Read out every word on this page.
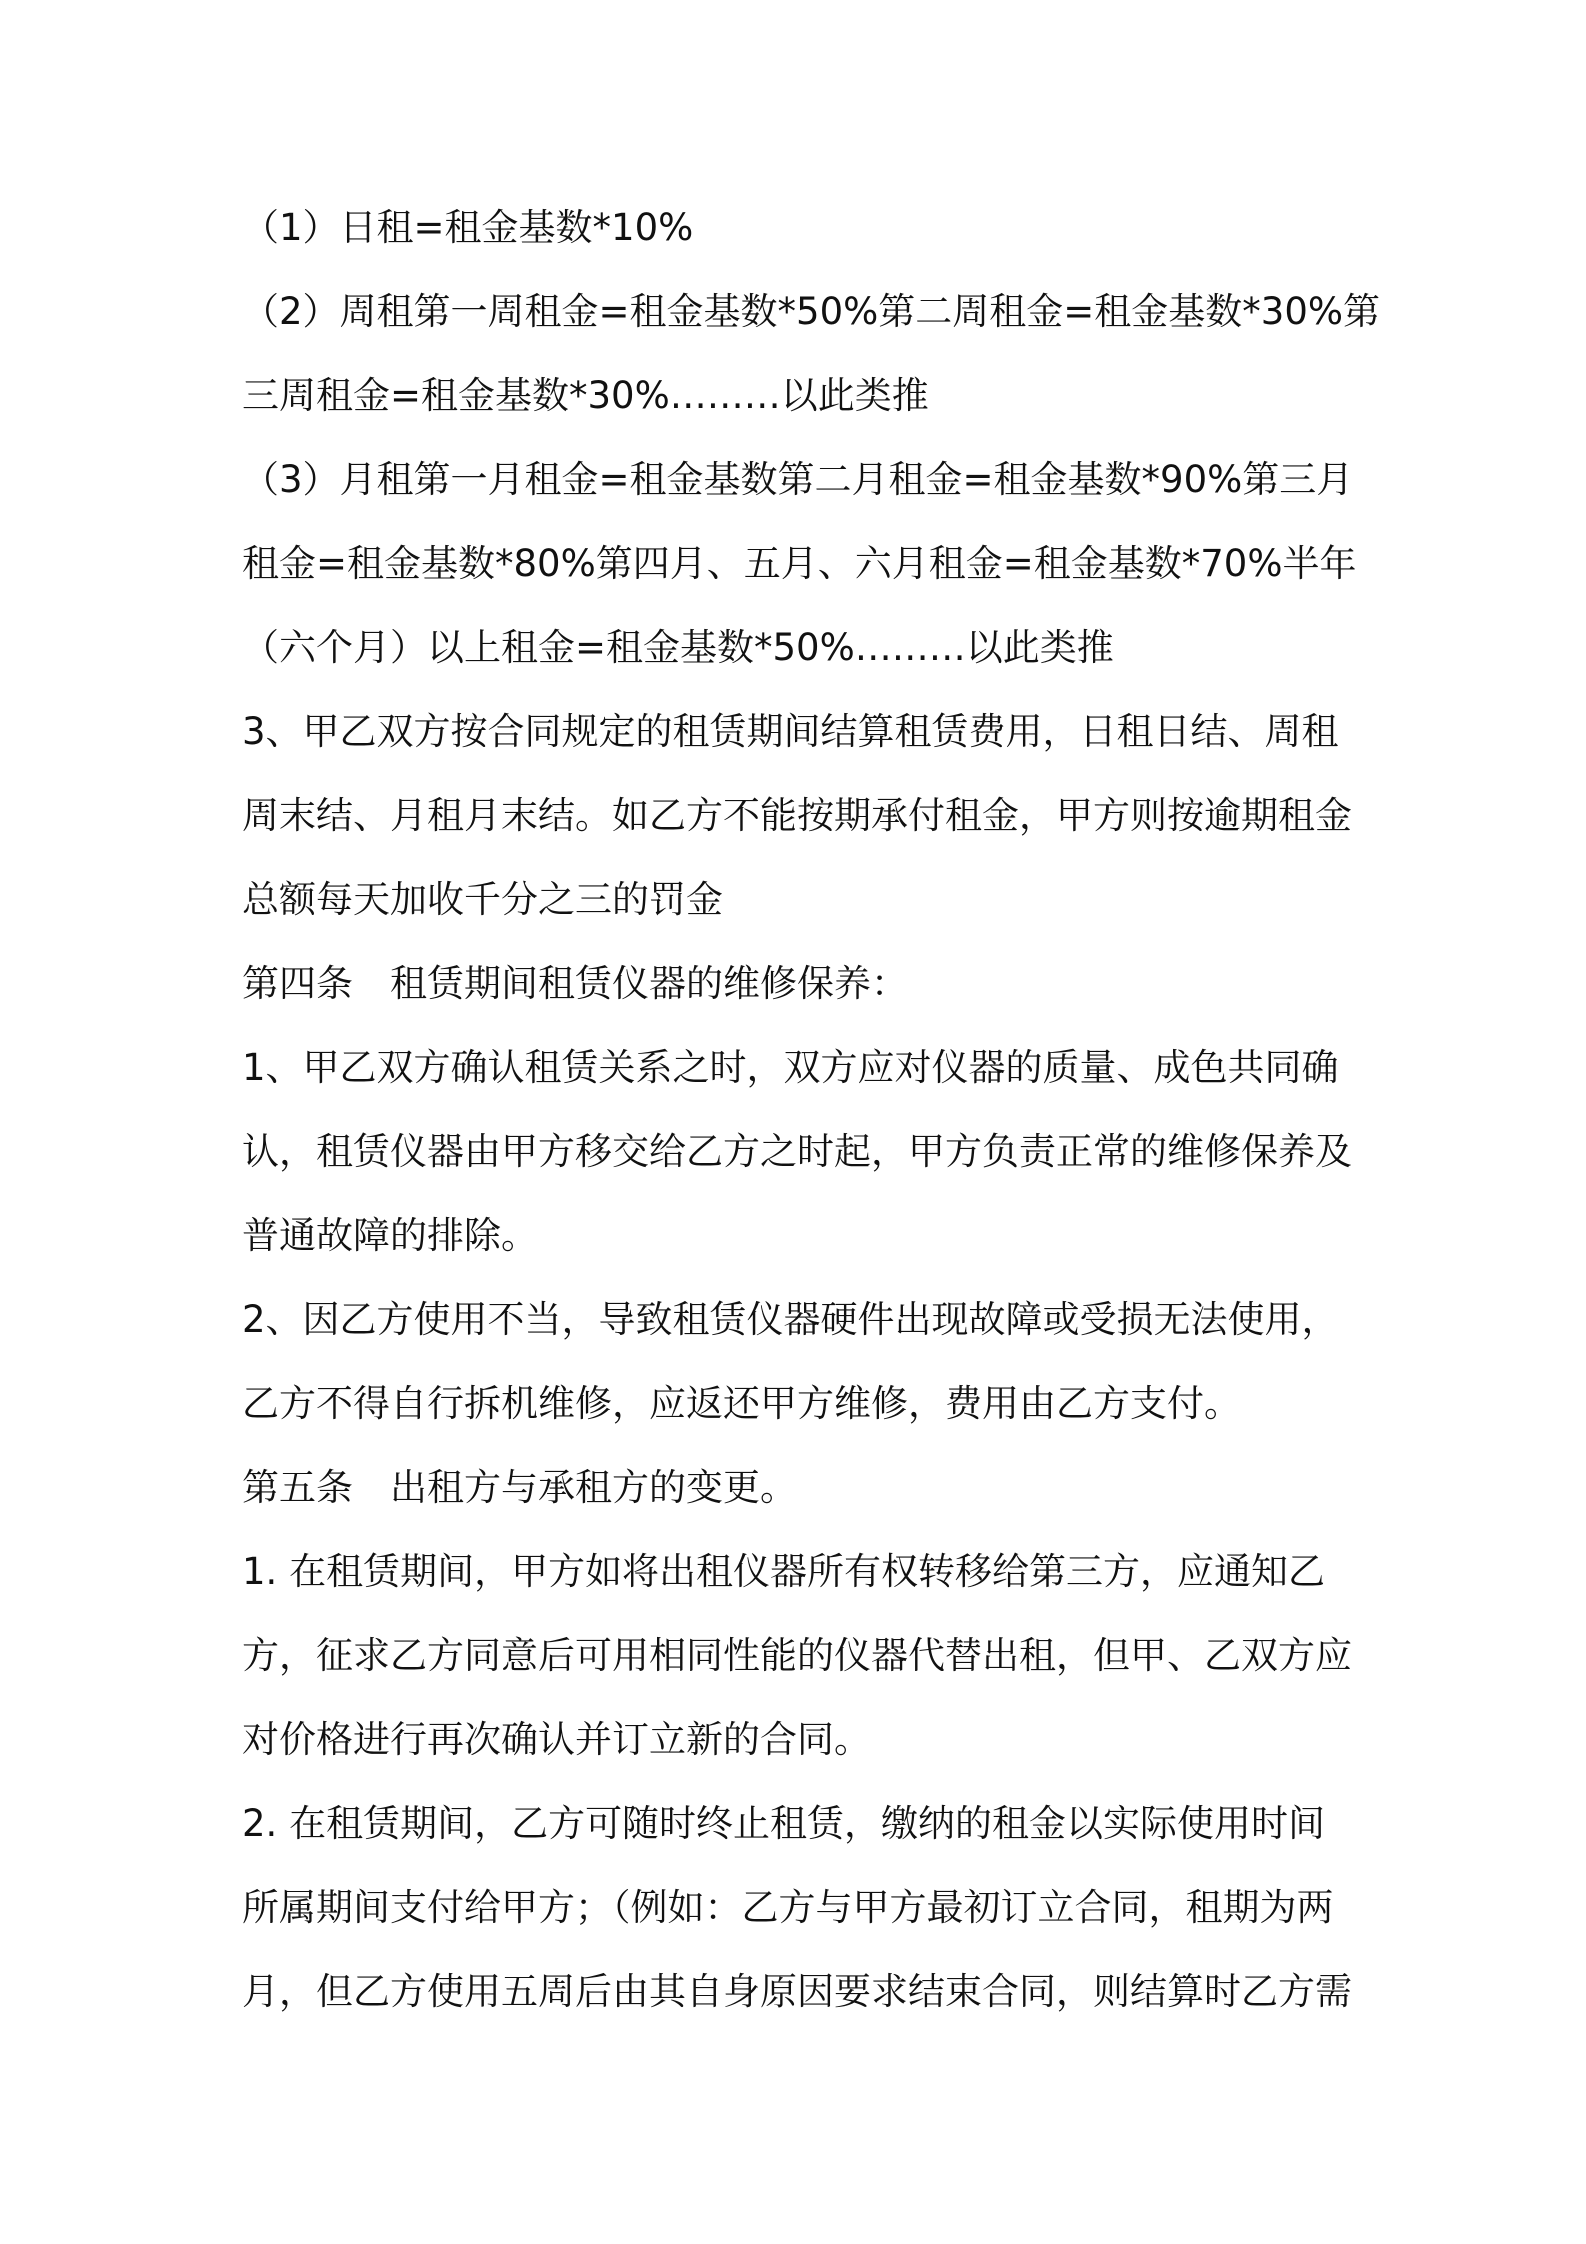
（1）日租=租金基数*10%
（2）周租第一周租金=租金基数*50%第二周租金=租金基数*30%第
三周租金=租金基数*30%………以此类推
（3）月租第一月租金=租金基数第二月租金=租金基数*90%第三月
租金=租金基数*80%第四月、五月、六月租金=租金基数*70%半年
（六个月）以上租金=租金基数*50%………以此类推
3、甲乙双方按合同规定的租赁期间结算租赁费用，日租日结、周租
周末结、月租月末结。如乙方不能按期承付租金，甲方则按逾期租金
总额每天加收千分之三的罚金
第四条　租赁期间租赁仪器的维修保养：
1、甲乙双方确认租赁关系之时，双方应对仪器的质量、成色共同确
认，租赁仪器由甲方移交给乙方之时起，甲方负责正常的维修保养及
普通故障的排除。
2、因乙方使用不当，导致租赁仪器硬件出现故障或受损无法使用，
乙方不得自行拆机维修，应返还甲方维修，费用由乙方支付。
第五条　出租方与承租方的变更。
1. 在租赁期间，甲方如将出租仪器所有权转移给第三方，应通知乙
方，征求乙方同意后可用相同性能的仪器代替出租，但甲、乙双方应
对价格进行再次确认并订立新的合同。
2. 在租赁期间，乙方可随时终止租赁，缴纳的租金以实际使用时间
所属期间支付给甲方；（例如：乙方与甲方最初订立合同，租期为两
月，但乙方使用五周后由其自身原因要求结束合同，则结算时乙方需
